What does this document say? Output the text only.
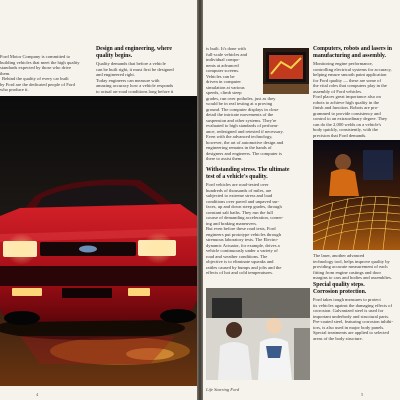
Ford Motor Company is committed to
building vehicles that meet the high quality
standards expected by those who drive
them.
Behind the quality of every car built
by Ford are the dedicated people of Ford
who produce it.
Design and engineering, where
quality begins.
Quality demands that before a vehicle
can be built right, it must first be designed
and engineered right.
Today engineers can measure with
amazing accuracy how a vehicle responds
to actual on-road conditions long before it
4
is built. It's done with
full-scale vehicles and
individual compo-
nents at advanced
computer screens.
Vehicles can be
driven in computer
simulation at various
speeds, climb steep
grades, run over potholes, just as they
would be in real testing at a proving
ground. The computer displays in close
detail the intricate movements of the
suspension and other systems. They're
evaluated to high standards of perform-
ance, redesigned and retested if necessary.
Even with the advanced technology,
however, the art of automotive design and
engineering remains in the hands of
designers and engineers. The computer is
there to assist them.
Withstanding stress. The ultimate
test of a vehicle's quality.
Ford vehicles are road-tested over
hundreds of thousands of miles, are
subjected to extreme stress and load
conditions over paved and unpaved sur-
faces, up and down steep grades, through
constant salt baths. They run the full
course of demanding acceleration, corner-
ing and braking maneuvers.
But even before these road tests, Ford
engineers put prototype vehicles through
strenuous laboratory tests. The Electro-
dynamic Actuator, for example, drives a
vehicle continuously under a variety of
road and weather conditions. The
objective is to eliminate squeaks and
rattles caused by bumps and jolts and the
effects of hot and cold temperatures.
Life Starring Ford
Computers, robots and lasers in
manufacturing and assembly.
Monitoring engine performance,
controlling electrical systems for accuracy,
helping ensure smooth paint application
for Ford quality — these are some of
the vital roles that computers play in the
assembly of Ford vehicles.
Ford places great importance also on
robots to achieve high quality in the
finish and function. Robots are pro-
grammed to provide consistency and
control to an extraordinary degree. They
can do the 2,000 welds on a vehicle's
body quickly, consistently, with the
precision that Ford demands.
The laser, another advanced
technology tool, helps improve quality by
providing accurate measurement of each
fitting from engine castings and door
margins to cars and bodies and assemblies.
Special quality steps.
Corrosion protection.
Ford takes tough measures to protect
its vehicles against the damaging effects of
corrosion. Galvanized steel is used for
important underbody and structural parts.
Pre-coated steel, featuring corrosion inhibi-
tors, is also used in major body panels.
Special treatments are applied to selected
areas of the body structure.
5
